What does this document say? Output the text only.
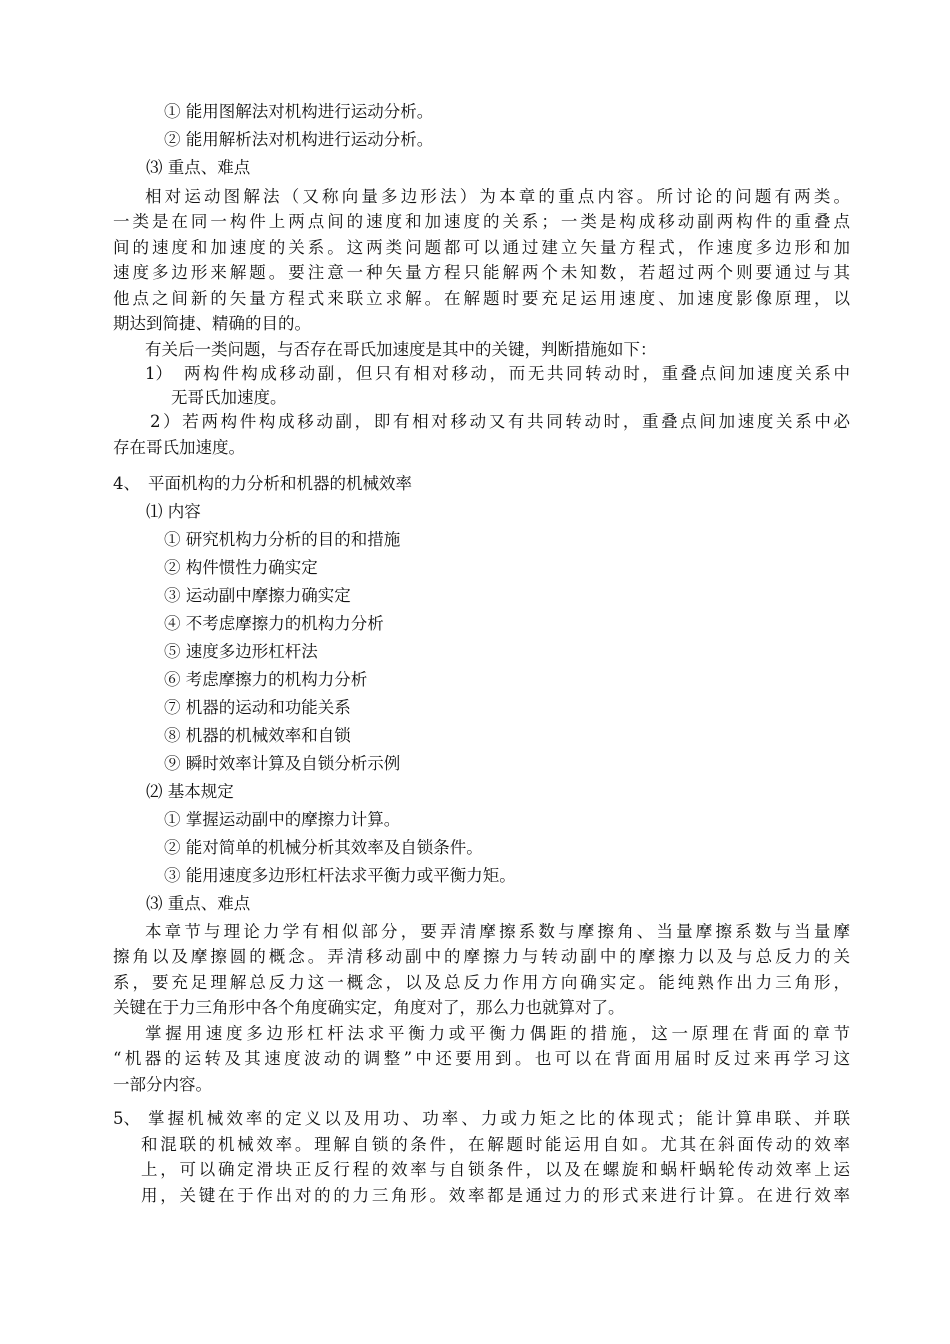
① 能用图解法对机构进行运动分析。
② 能用解析法对机构进行运动分析。
⑶ 重点、难点
相对运动图解法（又称向量多边形法）为本章的重点内容。所讨论的问题有两类。
一类是在同一构件上两点间的速度和加速度的关系；一类是构成移动副两构件的重叠点
间的速度和加速度的关系。这两类问题都可以通过建立矢量方程式，作速度多边形和加
速度多边形来解题。要注意一种矢量方程只能解两个未知数，若超过两个则要通过与其
他点之间新的矢量方程式来联立求解。在解题时要充足运用速度、加速度影像原理，以
期达到简捷、精确的目的。
有关后一类问题，与否存在哥氏加速度是其中的关键，判断措施如下：
1） 两构件构成移动副，但只有相对移动，而无共同转动时，重叠点间加速度关系中
无哥氏加速度。
2）若两构件构成移动副，即有相对移动又有共同转动时，重叠点间加速度关系中必
存在哥氏加速度。
4、 平面机构的力分析和机器的机械效率
⑴ 内容
① 研究机构力分析的目的和措施
② 构件惯性力确实定
③ 运动副中摩擦力确实定
④ 不考虑摩擦力的机构力分析
⑤ 速度多边形杠杆法
⑥ 考虑摩擦力的机构力分析
⑦ 机器的运动和功能关系
⑧ 机器的机械效率和自锁
⑨ 瞬时效率计算及自锁分析示例
⑵ 基本规定
① 掌握运动副中的摩擦力计算。
② 能对简单的机械分析其效率及自锁条件。
③ 能用速度多边形杠杆法求平衡力或平衡力矩。
⑶ 重点、难点
本章节与理论力学有相似部分，要弄清摩擦系数与摩擦角、当量摩擦系数与当量摩
擦角以及摩擦圆的概念。弄清移动副中的摩擦力与转动副中的摩擦力以及与总反力的关
系，要充足理解总反力这一概念，以及总反力作用方向确实定。能纯熟作出力三角形，
关键在于力三角形中各个角度确实定，角度对了，那么力也就算对了。
掌握用速度多边形杠杆法求平衡力或平衡力偶距的措施，这一原理在背面的章节
“机器的运转及其速度波动的调整”中还要用到。也可以在背面用届时反过来再学习这
一部分内容。
5、 掌握机械效率的定义以及用功、功率、力或力矩之比的体现式；能计算串联、并联
和混联的机械效率。理解自锁的条件，在解题时能运用自如。尤其在斜面传动的效率
上，可以确定滑块正反行程的效率与自锁条件，以及在螺旋和蜗杆蜗轮传动效率上运
用，关键在于作出对的的力三角形。效率都是通过力的形式来进行计算。在进行效率
